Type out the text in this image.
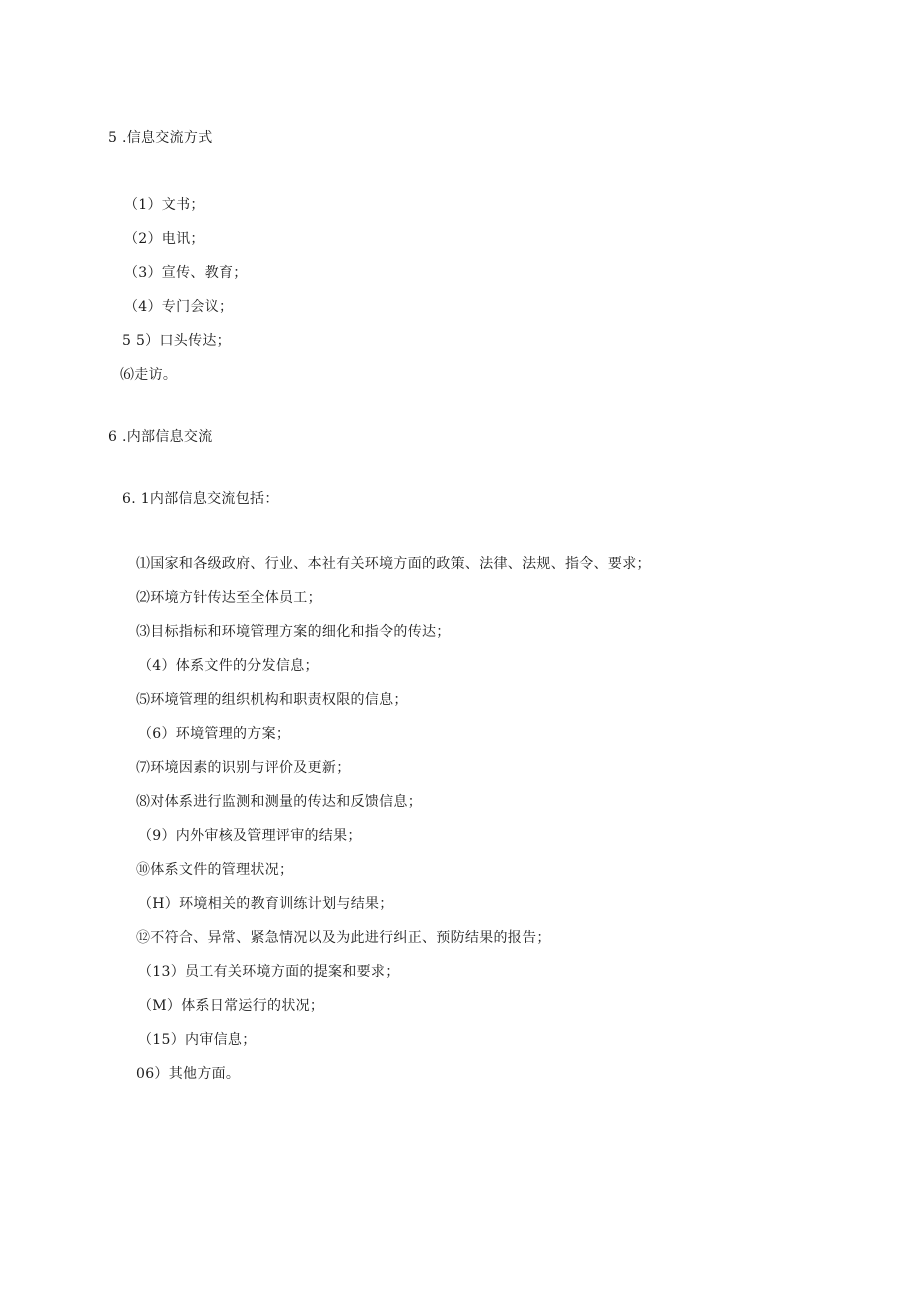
5 .信息交流方式
（1）文书；
（2）电讯；
（3）宣传、教育；
（4）专门会议；
5 5）口头传达；
⑹走访。
6 .内部信息交流
6. 1内部信息交流包括：
⑴国家和各级政府、行业、本社有关环境方面的政策、法律、法规、指令、要求；
⑵环境方针传达至全体员工；
⑶目标指标和环境管理方案的细化和指令的传达；
（4）体系文件的分发信息；
⑸环境管理的组织机构和职责权限的信息；
（6）环境管理的方案；
⑺环境因素的识别与评价及更新；
⑻对体系进行监测和测量的传达和反馈信息；
（9）内外审核及管理评审的结果；
⑩体系文件的管理状况；
（H）环境相关的教育训练计划与结果；
⑫不符合、异常、紧急情况以及为此进行纠正、预防结果的报告；
（13）员工有关环境方面的提案和要求；
（M）体系日常运行的状况；
（15）内审信息；
06）其他方面。
